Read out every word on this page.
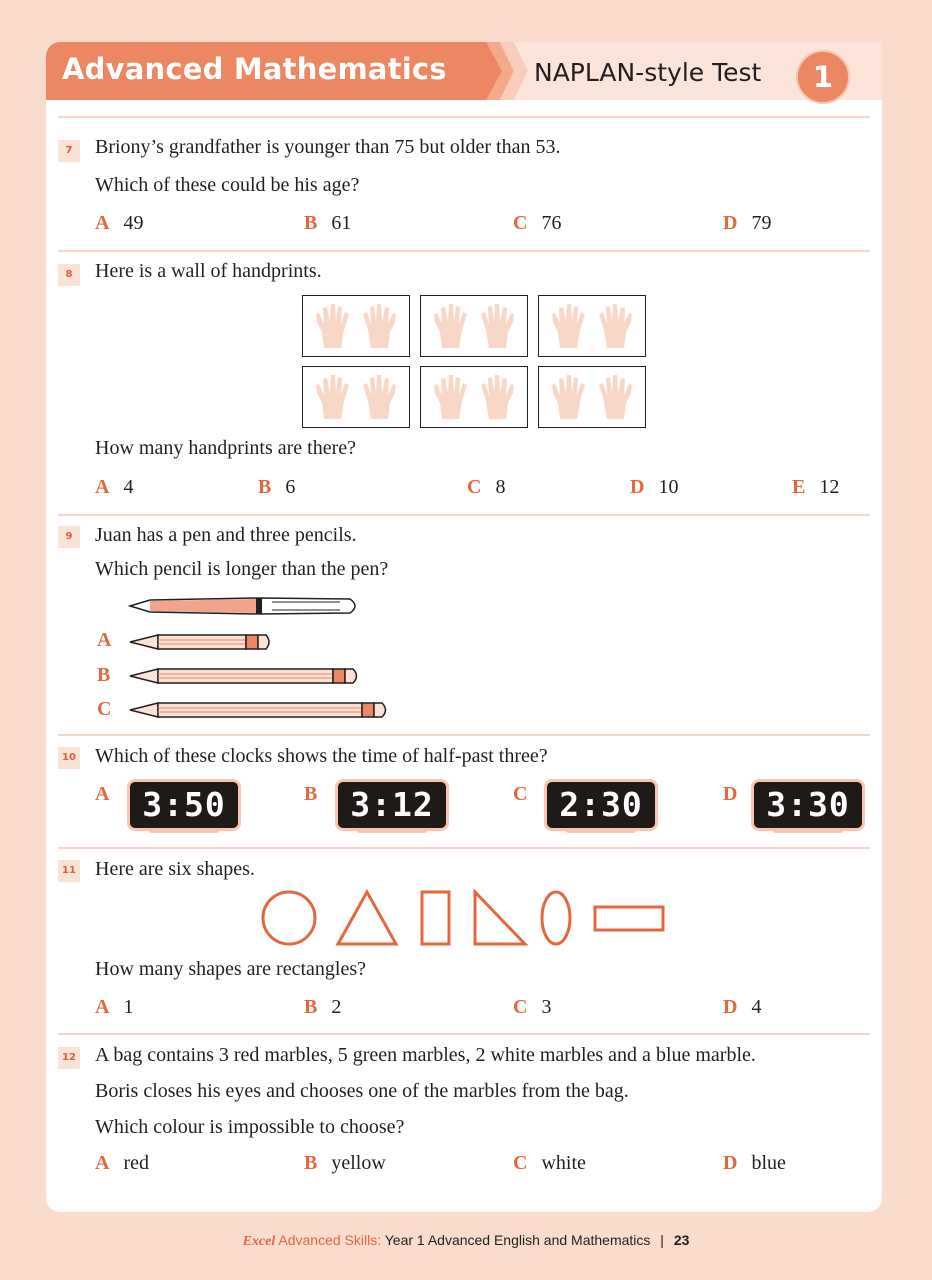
Advanced Mathematics	NAPLAN-style Test	1
7	Briony’s grandfather is younger than 75 but older than 53.
Which of these could be his age?
A 49	B 61	C 76	D 79
8	Here is a wall of handprints.
How many handprints are there?
A 4	B 6	C 8	D 10	E 12
9	Juan has a pen and three pencils.
Which pencil is longer than the pen?
A
B
C
10 Which of these clocks shows the time of half-past three?
A 3:50	B 3:12	C 2:30	D 3:30
11 Here are six shapes.
How many shapes are rectangles?
A 1	B 2	C 3	D 4
12 A bag contains 3 red marbles, 5 green marbles, 2 white marbles and a blue marble.
Boris closes his eyes and chooses one of the marbles from the bag.
Which colour is impossible to choose?
A red	B yellow	C white	D blue
Excel Advanced Skills: Year 1 Advanced English and Mathematics | 23
